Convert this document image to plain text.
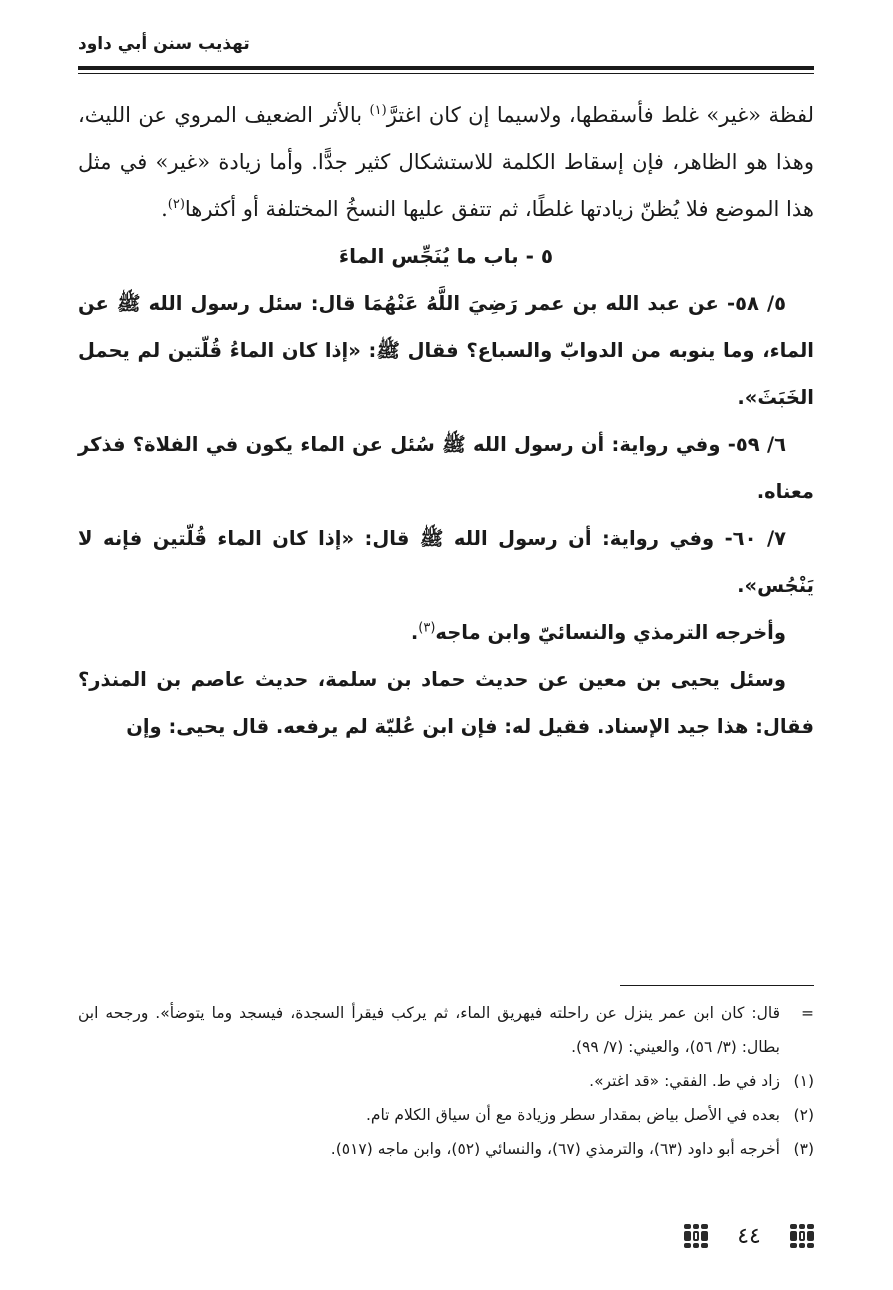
تهذيب سنن أبي داود

لفظة «غير» غلط فأسقطها، ولاسيما إن كان اغترَّ$^{(١)}$ بالأثر الضعيف المروي عن الليث، وهذا هو الظاهر، فإن إسقاط الكلمة للاستشكال كثير جدًّا. وأما زيادة «غير» في مثل هذا الموضع فلا يُظنّ زيادتها غلطًا، ثم تتفق عليها النسخُ المختلفة أو أكثرها$^{(٢)}$.

٥ - باب ما يُنَجِّس الماءَ

٥/ ٥٨- عن عبد الله بن عمر رَضِيَ اللَّهُ عَنْهُمَا قال: سئل رسول الله ﷺ عن الماء، وما ينوبه من الدوابّ والسباع؟ فقال ﷺ: «إذا كان الماءُ قُلّتين لم يحمل الخَبَثَ».

٦/ ٥٩- وفي رواية: أن رسول الله ﷺ سُئل عن الماء يكون في الفلاة؟ فذكر معناه.

٧/ ٦٠- وفي رواية: أن رسول الله ﷺ قال: «إذا كان الماء قُلّتين فإنه لا يَنْجُس».

وأخرجه الترمذي والنسائيّ وابن ماجه$^{(٣)}$.

وسئل يحيى بن معين عن حديث حماد بن سلمة، حديث عاصم بن المنذر؟ فقال: هذا جيد الإسناد. فقيل له: فإن ابن عُليّة لم يرفعه. قال يحيى: وإن

=
قال: كان ابن عمر ينزل عن راحلته فيهريق الماء، ثم يركب فيقرأ السجدة، فيسجد وما يتوضأ». ورجحه ابن بطال: (٣/ ٥٦)، والعيني: (٧/ ٩٩).
(١)
زاد في ط. الفقي: «قد اغتر».
(٢)
بعده في الأصل بياض بمقدار سطر وزيادة مع أن سياق الكلام تام.
(٣)
أخرجه أبو داود (٦٣)، والترمذي (٦٧)، والنسائي (٥٢)، وابن ماجه (٥١٧).
٤٤
